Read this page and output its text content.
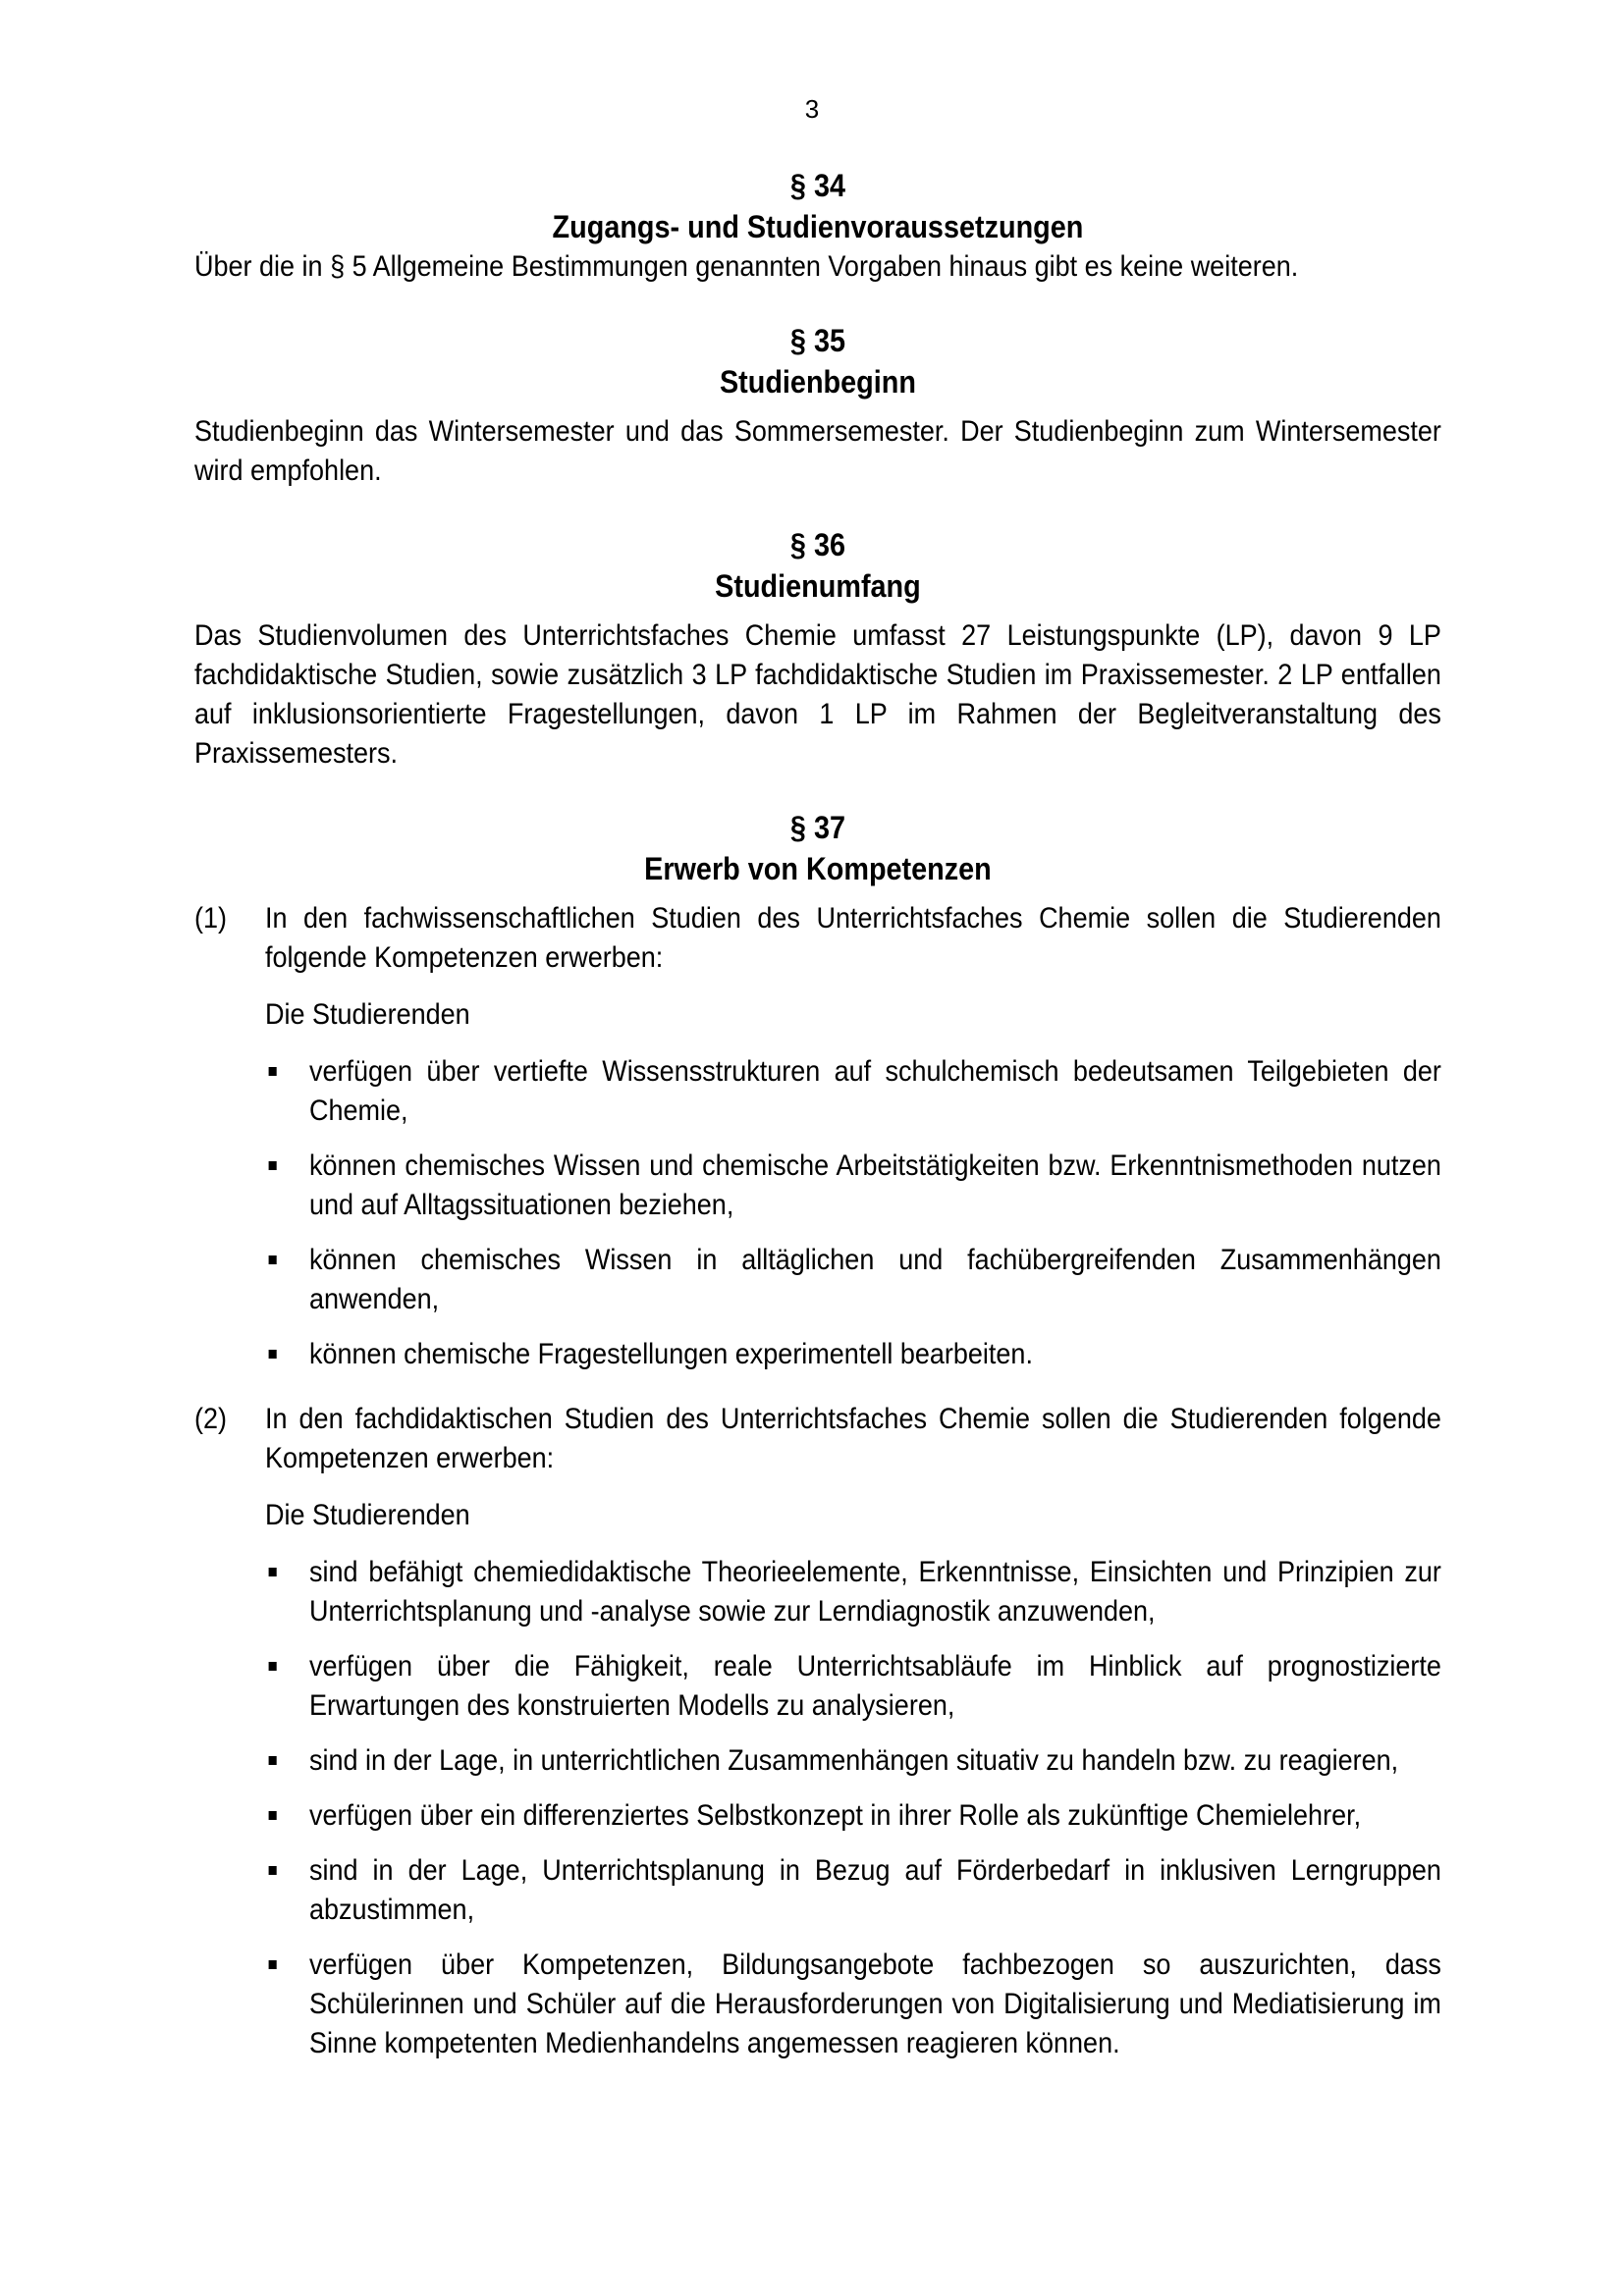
3
§ 34
Zugangs- und Studienvoraussetzungen

Über die in § 5 Allgemeine Bestimmungen genannten Vorgaben hinaus gibt es keine weiteren.

§ 35
Studienbeginn

Studienbeginn das Wintersemester und das Sommersemester. Der Studienbeginn zum Wintersemester wird empfohlen.

§ 36
Studienumfang

Das Studienvolumen des Unterrichtsfaches Chemie umfasst 27 Leistungspunkte (LP), davon 9 LP fachdidaktische Studien, sowie zusätzlich 3 LP fachdidaktische Studien im Praxissemester. 2 LP entfallen auf inklusionsorientierte Fragestellungen, davon 1 LP im Rahmen der Begleitveranstaltung des Praxissemesters.

§ 37
Erwerb von Kompetenzen
(1)	In den fachwissenschaftlichen Studien des Unterrichtsfaches Chemie sollen die Studierenden folgende Kompetenzen erwerben:

Die Studierenden

verfügen über vertiefte Wissensstrukturen auf schulchemisch bedeutsamen Teilgebieten der Chemie,
können chemisches Wissen und chemische Arbeitstätigkeiten bzw. Erkenntnismethoden nutzen und auf Alltagssituationen beziehen,
können chemisches Wissen in alltäglichen und fachübergreifenden Zusammenhängen anwenden,
können chemische Fragestellungen experimentell bearbeiten.
(2)	In den fachdidaktischen Studien des Unterrichtsfaches Chemie sollen die Studierenden folgende Kompetenzen erwerben:

Die Studierenden

sind befähigt chemiedidaktische Theorieelemente, Erkenntnisse, Einsichten und Prinzipien zur Unterrichtsplanung und -analyse sowie zur Lerndiagnostik anzuwenden,
verfügen über die Fähigkeit, reale Unterrichtsabläufe im Hinblick auf prognostizierte Erwartungen des konstruierten Modells zu analysieren,
sind in der Lage, in unterrichtlichen Zusammenhängen situativ zu handeln bzw. zu reagieren,
verfügen über ein differenziertes Selbstkonzept in ihrer Rolle als zukünftige Chemielehrer,
sind in der Lage, Unterrichtsplanung in Bezug auf Förderbedarf in inklusiven Lerngruppen abzustimmen,
verfügen über Kompetenzen, Bildungsangebote fachbezogen so auszurichten, dass Schülerinnen und Schüler auf die Herausforderungen von Digitalisierung und Mediatisierung im Sinne kompetenten Medienhandelns angemessen reagieren können.
